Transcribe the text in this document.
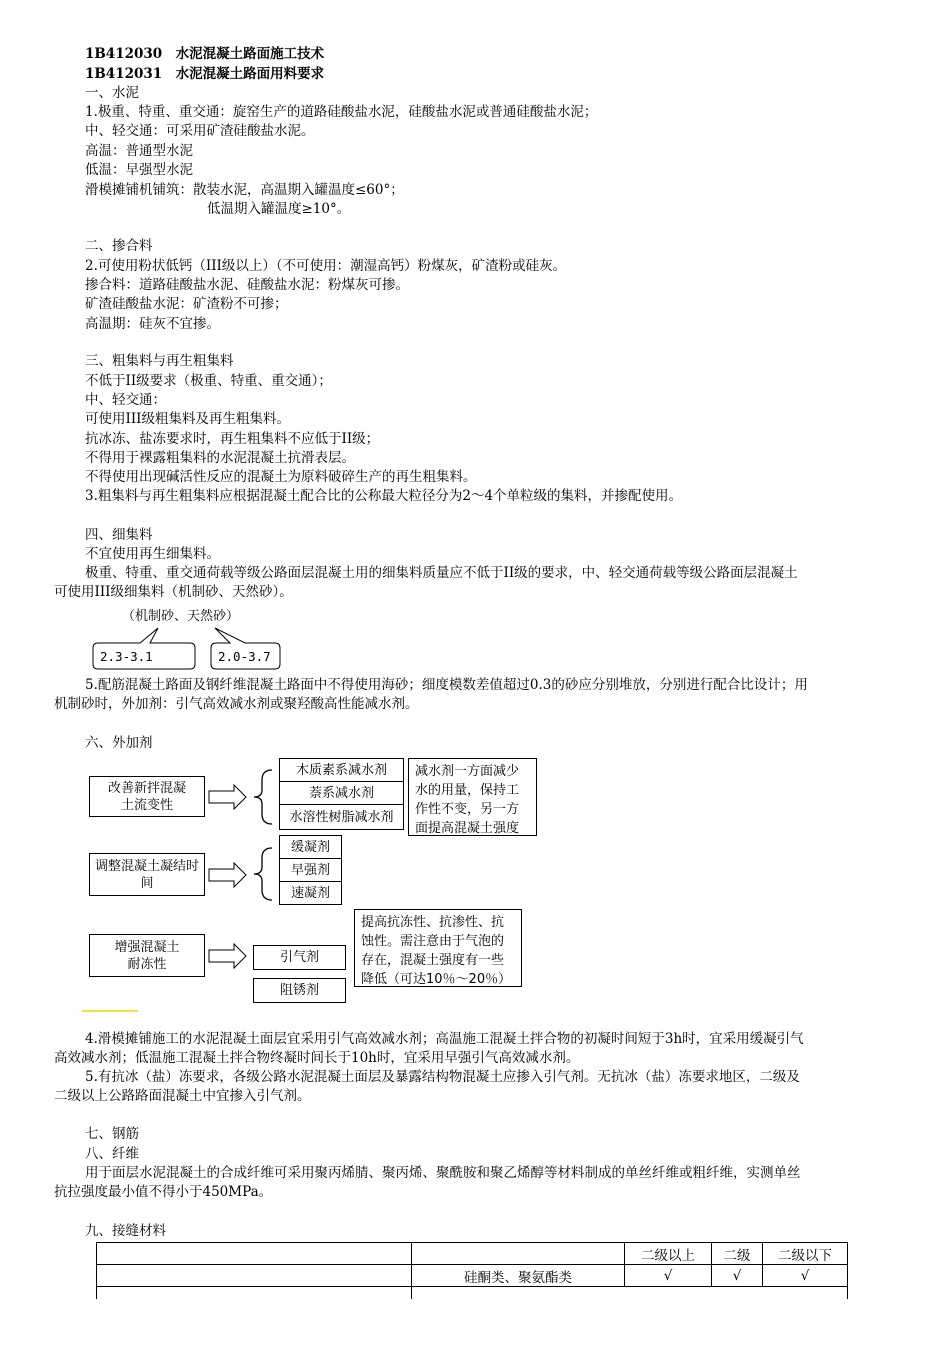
1B412030　水泥混凝土路面施工技术
1B412031　水泥混凝土路面用料要求
一、水泥
1.极重、特重、重交通：旋窑生产的道路硅酸盐水泥，硅酸盐水泥或普通硅酸盐水泥；
中、轻交通：可采用矿渣硅酸盐水泥。
高温：普通型水泥
低温：早强型水泥
滑模摊铺机铺筑：散装水泥，高温期入罐温度≤60°；
低温期入罐温度≥10°。
二、掺合料
2.可使用粉状低钙（III级以上）（不可使用：潮湿高钙）粉煤灰，矿渣粉或硅灰。
掺合料：道路硅酸盐水泥、硅酸盐水泥：粉煤灰可掺。
矿渣硅酸盐水泥：矿渣粉不可掺；
高温期：硅灰不宜掺。
三、粗集料与再生粗集料
不低于II级要求（极重、特重、重交通）；
中、轻交通：
可使用III级粗集料及再生粗集料。
抗冰冻、盐冻要求时，再生粗集料不应低于II级；
不得用于裸露粗集料的水泥混凝土抗滑表层。
不得使用出现碱活性反应的混凝土为原料破碎生产的再生粗集料。
3.粗集料与再生粗集料应根据混凝土配合比的公称最大粒径分为2～4个单粒级的集料，并掺配使用。
四、细集料
不宜使用再生细集料。
极重、特重、重交通荷载等级公路面层混凝土用的细集料质量应不低于II级的要求，中、轻交通荷载等级公路面层混凝土
可使用III级细集料（机制砂、天然砂）。
（机制砂、天然砂）
2.3-3.1	2.0-3.7
5.配筋混凝土路面及钢纤维混凝土路面中不得使用海砂；细度模数差值超过0.3的砂应分别堆放，分别进行配合比设计；用
机制砂时，外加剂：引气高效减水剂或聚羟酸高性能减水剂。
六、外加剂
改善新拌混凝土流变性
木质素系减水剂
萘系减水剂
水溶性树脂减水剂
减水剂一方面减少水的用量，保持工作性不变，另一方面提高混凝土强度
调整混凝土凝结时间
缓凝剂
早强剂
速凝剂
增强混凝土耐冻性	引气剂
阻锈剂
提高抗冻性、抗渗性、抗蚀性。需注意由于气泡的存在，混凝土强度有一些降低（可达10％～20％）
4.滑模摊铺施工的水泥混凝土面层宜采用引气高效减水剂；高温施工混凝土拌合物的初凝时间短于3h时，宜采用缓凝引气
高效减水剂；低温施工混凝土拌合物终凝时间长于10h时，宜采用早强引气高效减水剂。
5.有抗冰（盐）冻要求，各级公路水泥混凝土面层及暴露结构物混凝土应掺入引气剂。无抗冰（盐）冻要求地区，二级及
二级以上公路路面混凝土中宜掺入引气剂。
七、钢筋
八、纤维
用于面层水泥混凝土的合成纤维可采用聚丙烯腈、聚丙烯、聚酰胺和聚乙烯醇等材料制成的单丝纤维或粗纤维，实测单丝
抗拉强度最小值不得小于450MPa。
九、接缝材料
		二级以上	二级	二级以下
	硅酮类、聚氨酯类	√	√	√
